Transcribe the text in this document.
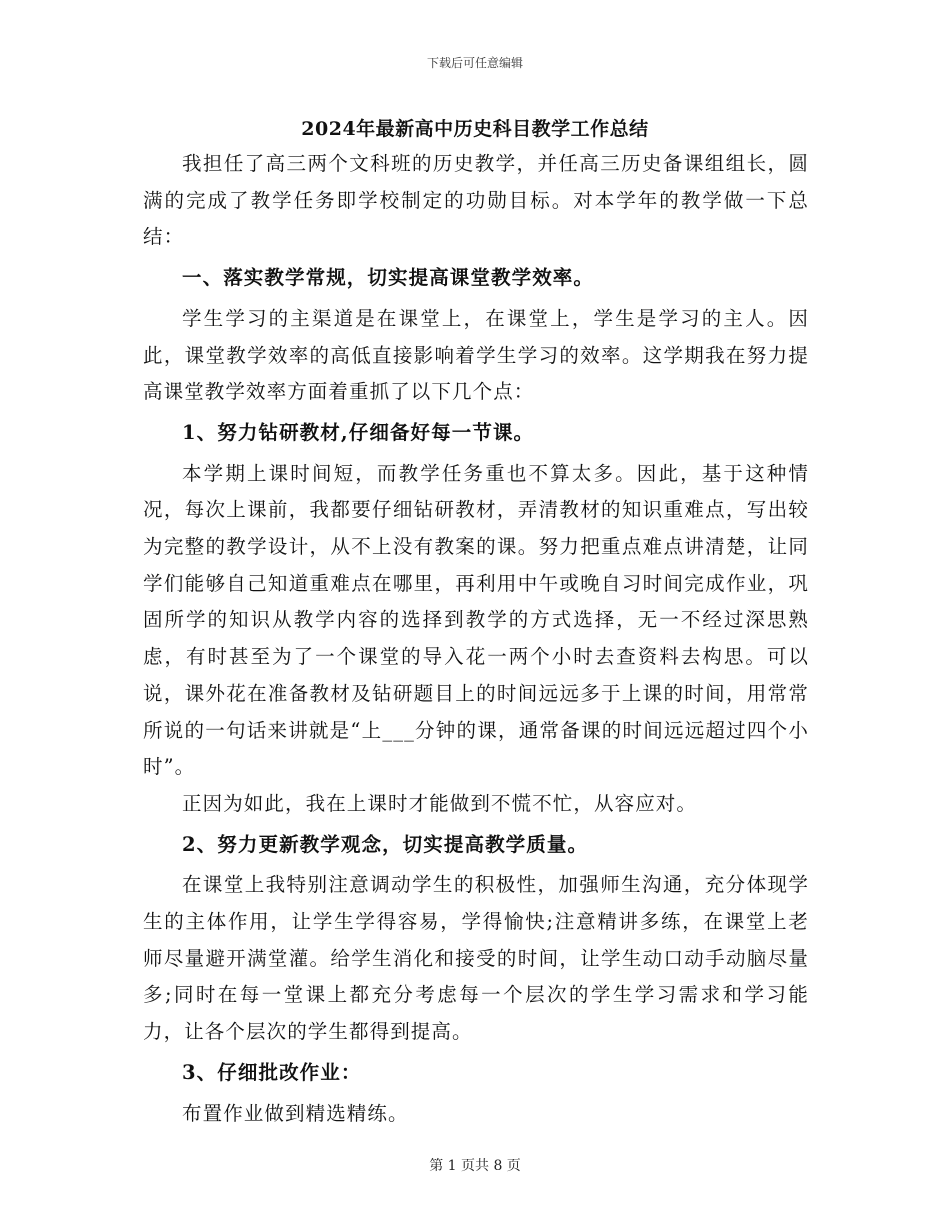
下载后可任意编辑
2024年最新高中历史科目教学工作总结

我担任了高三两个文科班的历史教学，并任高三历史备课组组长，圆满的完成了教学任务即学校制定的功勋目标。对本学年的教学做一下总结：

一、落实教学常规，切实提高课堂教学效率。

学生学习的主渠道是在课堂上，在课堂上，学生是学习的主人。因此，课堂教学效率的高低直接影响着学生学习的效率。这学期我在努力提高课堂教学效率方面着重抓了以下几个点：

1、努力钻研教材,仔细备好每一节课。

本学期上课时间短，而教学任务重也不算太多。因此，基于这种情况，每次上课前，我都要仔细钻研教材，弄清教材的知识重难点，写出较为完整的教学设计，从不上没有教案的课。努力把重点难点讲清楚，让同学们能够自己知道重难点在哪里，再利用中午或晚自习时间完成作业，巩固所学的知识从教学内容的选择到教学的方式选择，无一不经过深思熟虑，有时甚至为了一个课堂的导入花一两个小时去查资料去构思。可以说，课外花在准备教材及钻研题目上的时间远远多于上课的时间，用常常所说的一句话来讲就是“上___分钟的课，通常备课的时间远远超过四个小时”。

正因为如此，我在上课时才能做到不慌不忙，从容应对。

2、努力更新教学观念，切实提高教学质量。

在课堂上我特别注意调动学生的积极性，加强师生沟通，充分体现学生的主体作用，让学生学得容易，学得愉快;注意精讲多练，在课堂上老师尽量避开满堂灌。给学生消化和接受的时间，让学生动口动手动脑尽量多;同时在每一堂课上都充分考虑每一个层次的学生学习需求和学习能力，让各个层次的学生都得到提高。

3、仔细批改作业：

布置作业做到精选精练。

第 1 页共 8 页
